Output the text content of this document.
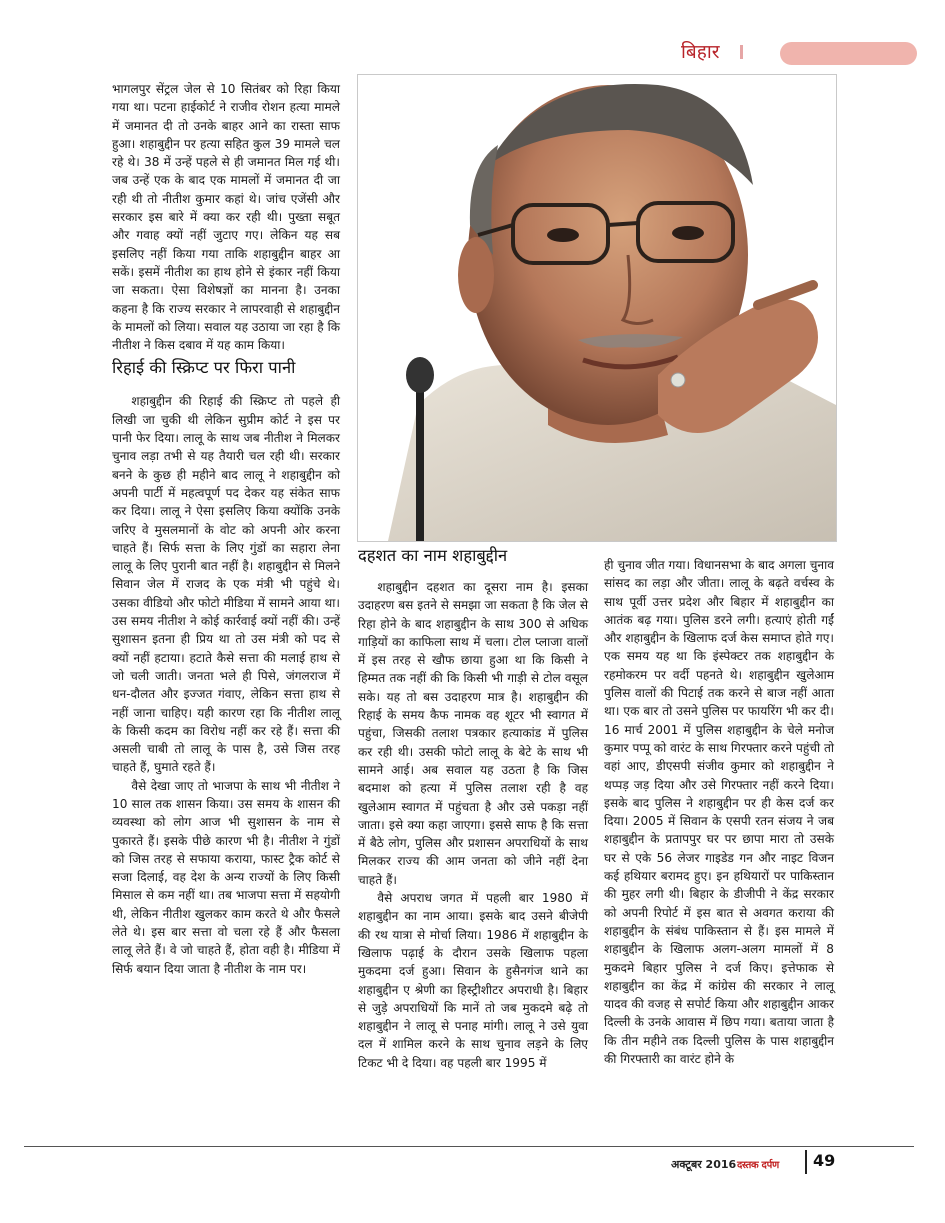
बिहार

भागलपुर सेंट्रल जेल से 10 सितंबर को रिहा किया गया था। पटना हाईकोर्ट ने राजीव रोशन हत्या मामले में जमानत दी तो उनके बाहर आने का रास्ता साफ हुआ। शहाबुद्दीन पर हत्या सहित कुल 39 मामले चल रहे थे। 38 में उन्हें पहले से ही जमानत मिल गई थी। जब उन्हें एक के बाद एक मामलों में जमानत दी जा रही थी तो नीतीश कुमार कहां थे। जांच एजेंसी और सरकार इस बारे में क्या कर रही थी। पुख्ता सबूत और गवाह क्यों नहीं जुटाए गए। लेकिन यह सब इसलिए नहीं किया गया ताकि शहाबुद्दीन बाहर आ सकें। इसमें नीतीश का हाथ होने से इंकार नहीं किया जा सकता। ऐसा विशेषज्ञों का मानना है। उनका कहना है कि राज्य सरकार ने लापरवाही से शहाबुद्दीन के मामलों को लिया। सवाल यह उठाया जा रहा है कि नीतीश ने किस दबाव में यह काम किया।

रिहाई की स्क्रिप्ट पर फिरा पानी

शहाबुद्दीन की रिहाई की स्क्रिप्ट तो पहले ही लिखी जा चुकी थी लेकिन सुप्रीम कोर्ट ने इस पर पानी फेर दिया। लालू के साथ जब नीतीश ने मिलकर चुनाव लड़ा तभी से यह तैयारी चल रही थी। सरकार बनने के कुछ ही महीने बाद लालू ने शहाबुद्दीन को अपनी पार्टी में महत्वपूर्ण पद देकर यह संकेत साफ कर दिया। लालू ने ऐसा इसलिए किया क्योंकि उनके जरिए वे मुसलमानों के वोट को अपनी ओर करना चाहते हैं। सिर्फ सत्ता के लिए गुंडों का सहारा लेना लालू के लिए पुरानी बात नहीं है। शहाबुद्दीन से मिलने सिवान जेल में राजद के एक मंत्री भी पहुंचे थे। उसका वीडियो और फोटो मीडिया में सामने आया था। उस समय नीतीश ने कोई कार्रवाई क्यों नहीं की। उन्हें सुशासन इतना ही प्रिय था तो उस मंत्री को पद से क्यों नहीं हटाया। हटाते कैसे सत्ता की मलाई हाथ से जो चली जाती। जनता भले ही पिसे, जंगलराज में धन-दौलत और इज्जत गंवाए, लेकिन सत्ता हाथ से नहीं जाना चाहिए। यही कारण रहा कि नीतीश लालू के किसी कदम का विरोध नहीं कर रहे हैं। सत्ता की असली चाबी तो लालू के पास है, उसे जिस तरह चाहते हैं, घुमाते रहते हैं।

वैसे देखा जाए तो भाजपा के साथ भी नीतीश ने 10 साल तक शासन किया। उस समय के शासन की व्यवस्था को लोग आज भी सुशासन के नाम से पुकारते हैं। इसके पीछे कारण भी है। नीतीश ने गुंडों को जिस तरह से सफाया कराया, फास्ट ट्रैक कोर्ट से सजा दिलाई, वह देश के अन्य राज्यों के लिए किसी मिसाल से कम नहीं था। तब भाजपा सत्ता में सहयोगी थी, लेकिन नीतीश खुलकर काम करते थे और फैसले लेते थे। इस बार सत्ता वो चला रहे हैं और फैसला लालू लेते हैं। वे जो चाहते हैं, होता वही है। मीडिया में सिर्फ बयान दिया जाता है नीतीश के नाम पर।

दहशत का नाम शहाबुद्दीन

शहाबुद्दीन दहशत का दूसरा नाम है। इसका उदाहरण बस इतने से समझा जा सकता है कि जेल से रिहा होने के बाद शहाबुद्दीन के साथ 300 से अधिक गाड़ियों का काफिला साथ में चला। टोल प्लाजा वालों में इस तरह से खौफ छाया हुआ था कि किसी ने हिम्मत तक नहीं की कि किसी भी गाड़ी से टोल वसूल सके। यह तो बस उदाहरण मात्र है। शहाबुद्दीन की रिहाई के समय कैफ नामक वह शूटर भी स्वागत में पहुंचा, जिसकी तलाश पत्रकार हत्याकांड में पुलिस कर रही थी। उसकी फोटो लालू के बेटे के साथ भी सामने आई। अब सवाल यह उठता है कि जिस बदमाश को हत्या में पुलिस तलाश रही है वह खुलेआम स्वागत में पहुंचता है और उसे पकड़ा नहीं जाता। इसे क्या कहा जाएगा। इससे साफ है कि सत्ता में बैठे लोग, पुलिस और प्रशासन अपराधियों के साथ मिलकर राज्य की आम जनता को जीने नहीं देना चाहते हैं।

वैसे अपराध जगत में पहली बार 1980 में शहाबुद्दीन का नाम आया। इसके बाद उसने बीजेपी की रथ यात्रा से मोर्चा लिया। 1986 में शहाबुद्दीन के खिलाफ पढ़ाई के दौरान उसके खिलाफ पहला मुकदमा दर्ज हुआ। सिवान के हुसैनगंज थाने का शहाबुद्दीन ए श्रेणी का हिस्ट्रीशीटर अपराधी है। बिहार से जुड़े अपराधियों कि मानें तो जब मुकदमे बढ़े तो शहाबुद्दीन ने लालू से पनाह मांगी। लालू ने उसे युवा दल में शामिल करने के साथ चुनाव लड़ने के लिए टिकट भी दे दिया। वह पहली बार 1995 में

ही चुनाव जीत गया। विधानसभा के बाद अगला चुनाव सांसद का लड़ा और जीता। लालू के बढ़ते वर्चस्व के साथ पूर्वी उत्तर प्रदेश और बिहार में शहाबुद्दीन का आतंक बढ़ गया। पुलिस डरने लगी। हत्याएं होती गईं और शहाबुद्दीन के खिलाफ दर्ज केस समाप्त होते गए। एक समय यह था कि इंस्पेक्टर तक शहाबुद्दीन के रहमोकरम पर वर्दी पहनते थे। शहाबुद्दीन खुलेआम पुलिस वालों की पिटाई तक करने से बाज नहीं आता था। एक बार तो उसने पुलिस पर फायरिंग भी कर दी। 16 मार्च 2001 में पुलिस शहाबुद्दीन के चेले मनोज कुमार पप्पू को वारंट के साथ गिरफ्तार करने पहुंची तो वहां आए, डीएसपी संजीव कुमार को शहाबुद्दीन ने थप्पड़ जड़ दिया और उसे गिरफ्तार नहीं करने दिया। इसके बाद पुलिस ने शहाबुद्दीन पर ही केस दर्ज कर दिया। 2005 में सिवान के एसपी रतन संजय ने जब शहाबुद्दीन के प्रतापपुर घर पर छापा मारा तो उसके घर से एके 56 लेजर गाइडेड गन और नाइट विजन कई हथियार बरामद हुए। इन हथियारों पर पाकिस्तान की मुहर लगी थी। बिहार के डीजीपी ने केंद्र सरकार को अपनी रिपोर्ट में इस बात से अवगत कराया की शहाबुद्दीन के संबंध पाकिस्तान से हैं। इस मामले में शहाबुद्दीन के खिलाफ अलग-अलग मामलों में 8 मुकदमे बिहार पुलिस ने दर्ज किए। इत्तेफाक से शहाबुद्दीन का केंद्र में कांग्रेस की सरकार ने लालू यादव की वजह से सपोर्ट किया और शहाबुद्दीन आकर दिल्ली के उनके आवास में छिप गया। बताया जाता है कि तीन महीने तक दिल्ली पुलिस के पास शहाबुद्दीन की गिरफ्तारी का वारंट होने के

अक्टूबर 2016 दस्तक दर्पण 49
